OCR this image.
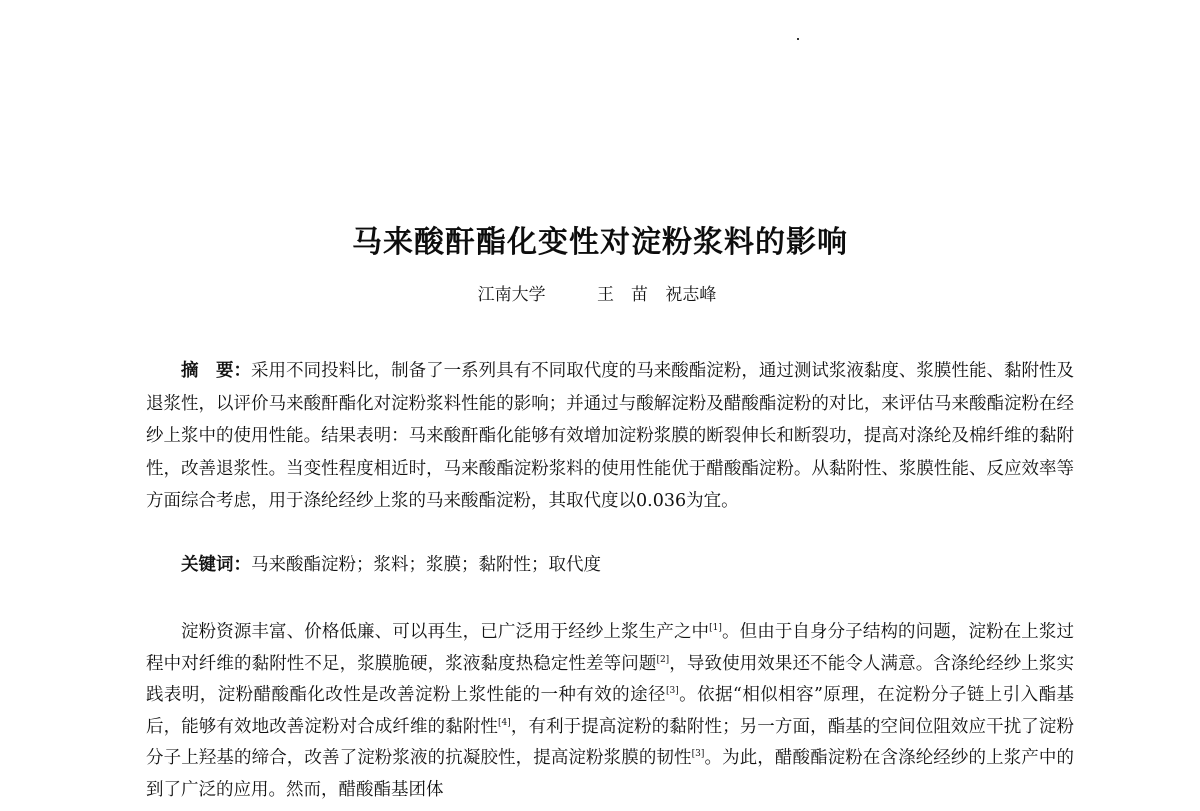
马来酸酐酯化变性对淀粉浆料的影响
江南大学	王　苗 祝志峰
摘　要：采用不同投料比，制备了一系列具有不同取代度的马来酸酯淀粉，通过测试浆液黏度、浆膜性能、黏附性及退浆性，以评价马来酸酐酯化对淀粉浆料性能的影响；并通过与酸解淀粉及醋酸酯淀粉的对比，来评估马来酸酯淀粉在经纱上浆中的使用性能。结果表明：马来酸酐酯化能够有效增加淀粉浆膜的断裂伸长和断裂功，提高对涤纶及棉纤维的黏附性，改善退浆性。当变性程度相近时，马来酸酯淀粉浆料的使用性能优于醋酸酯淀粉。从黏附性、浆膜性能、反应效率等方面综合考虑，用于涤纶经纱上浆的马来酸酯淀粉，其取代度以0.036为宜。
关键词：马来酸酯淀粉；浆料；浆膜；黏附性；取代度
淀粉资源丰富、价格低廉、可以再生，已广泛用于经纱上浆生产之中[1]。但由于自身分子结构的问题，淀粉在上浆过程中对纤维的黏附性不足，浆膜脆硬，浆液黏度热稳定性差等问题[2]，导致使用效果还不能令人满意。含涤纶经纱上浆实践表明，淀粉醋酸酯化改性是改善淀粉上浆性能的一种有效的途径[3]。依据“相似相容”原理，在淀粉分子链上引入酯基后，能够有效地改善淀粉对合成纤维的黏附性[4]，有利于提高淀粉的黏附性；另一方面，酯基的空间位阻效应干扰了淀粉分子上羟基的缔合，改善了淀粉浆液的抗凝胶性，提高淀粉浆膜的韧性[3]。为此，醋酸酯淀粉在含涤纶经纱的上浆产中的到了广泛的应用。然而，醋酸酯基团体
